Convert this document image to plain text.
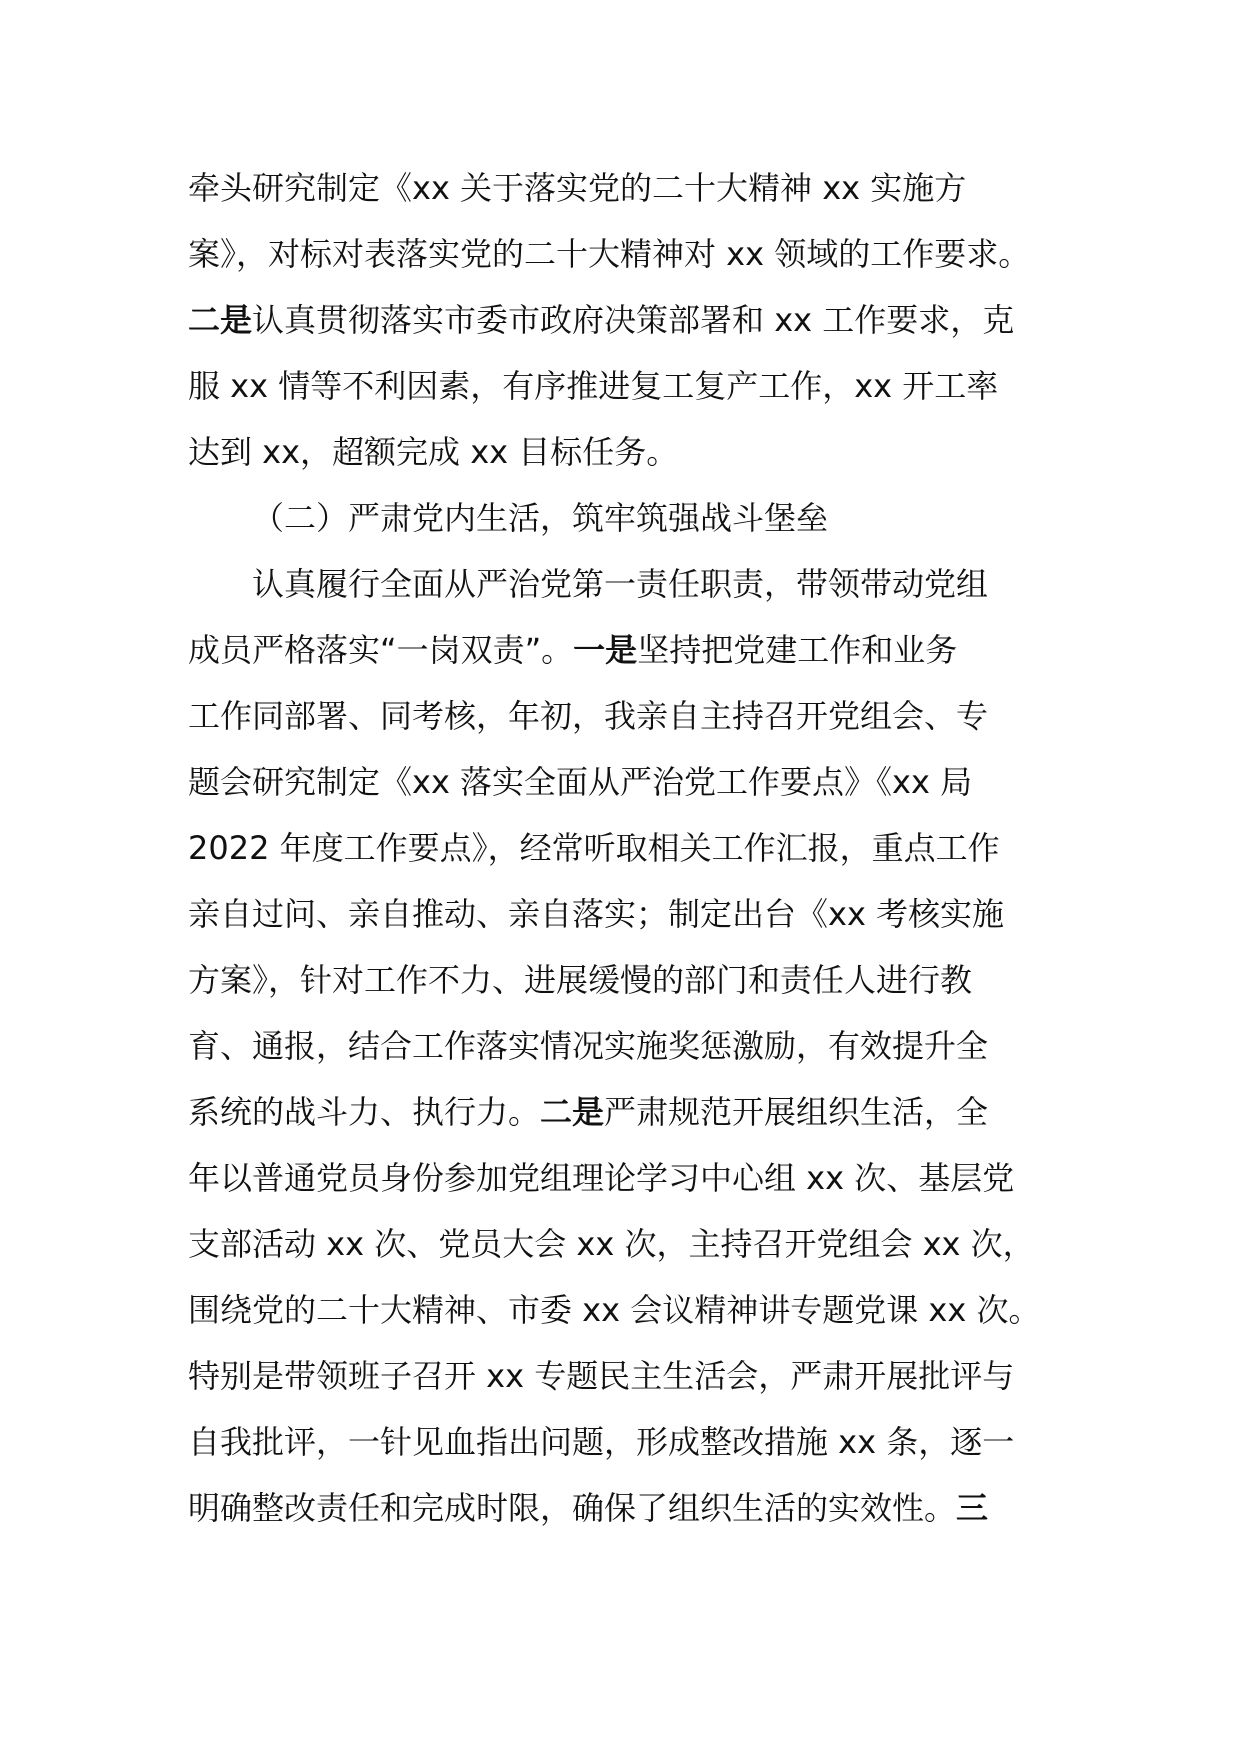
牵头研究制定《xx 关于落实党的二十大精神 xx 实施方
案》，对标对表落实党的二十大精神对 xx 领域的工作要求。
二是认真贯彻落实市委市政府决策部署和 xx 工作要求，克
服 xx 情等不利因素，有序推进复工复产工作，xx 开工率
达到 xx，超额完成 xx 目标任务。
（二）严肃党内生活，筑牢筑强战斗堡垒
认真履行全面从严治党第一责任职责，带领带动党组
成员严格落实“一岗双责”。一是坚持把党建工作和业务
工作同部署、同考核，年初，我亲自主持召开党组会、专
题会研究制定《xx 落实全面从严治党工作要点》《xx 局
2022 年度工作要点》，经常听取相关工作汇报，重点工作
亲自过问、亲自推动、亲自落实；制定出台《xx 考核实施
方案》，针对工作不力、进展缓慢的部门和责任人进行教
育、通报，结合工作落实情况实施奖惩激励，有效提升全
系统的战斗力、执行力。二是严肃规范开展组织生活，全
年以普通党员身份参加党组理论学习中心组 xx 次、基层党
支部活动 xx 次、党员大会 xx 次，主持召开党组会 xx 次，
围绕党的二十大精神、市委 xx 会议精神讲专题党课 xx 次。
特别是带领班子召开 xx 专题民主生活会，严肃开展批评与
自我批评，一针见血指出问题，形成整改措施 xx 条，逐一
明确整改责任和完成时限，确保了组织生活的实效性。三
